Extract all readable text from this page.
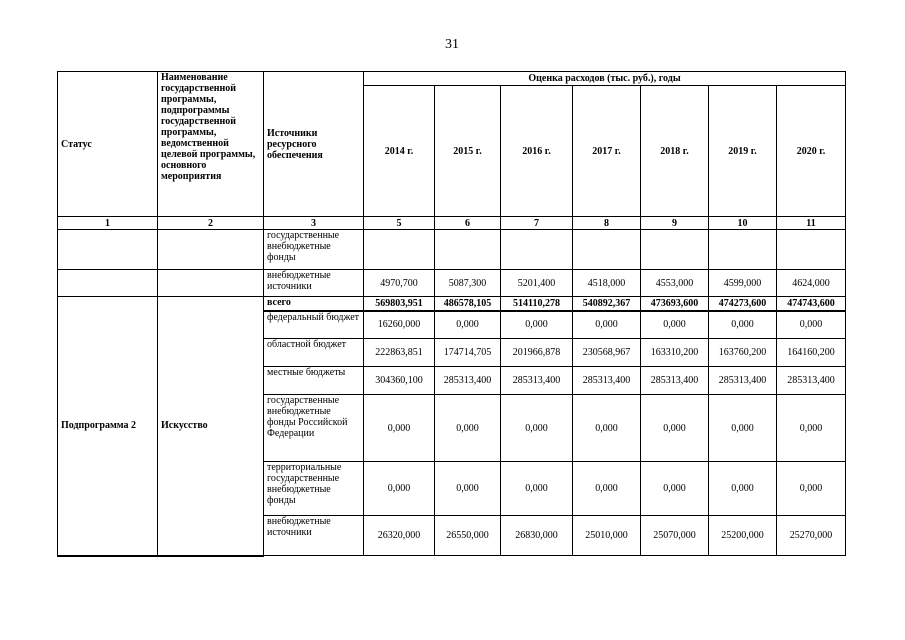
31
Статус	Наименование государственной программы, подпрограммы государственной программы, ведомственной целевой программы, основного мероприятия	Источники ресурсного обеспечения	Оценка расходов (тыс. руб.), годы						
			2014 г.	2015 г.	2016 г.	2017 г.	2018 г.	2019 г.	2020 г.
1	2	3	5	6	7	8	9	10	11
		государственные внебюджетные фонды							
		внебюджетные источники	4970,700	5087,300	5201,400	4518,000	4553,000	4599,000	4624,000
Подпрограмма 2	Искусство	всего	569803,951	486578,105	514110,278	540892,367	473693,600	474273,600	474743,600
		федеральный бюджет	16260,000	0,000	0,000	0,000	0,000	0,000	0,000
		областной бюджет	222863,851	174714,705	201966,878	230568,967	163310,200	163760,200	164160,200
		местные бюджеты	304360,100	285313,400	285313,400	285313,400	285313,400	285313,400	285313,400
		государственные внебюджетные фонды Российской Федерации	0,000	0,000	0,000	0,000	0,000	0,000	0,000
		территориальные государственные внебюджетные фонды	0,000	0,000	0,000	0,000	0,000	0,000	0,000
		внебюджетные источники	26320,000	26550,000	26830,000	25010,000	25070,000	25200,000	25270,000
